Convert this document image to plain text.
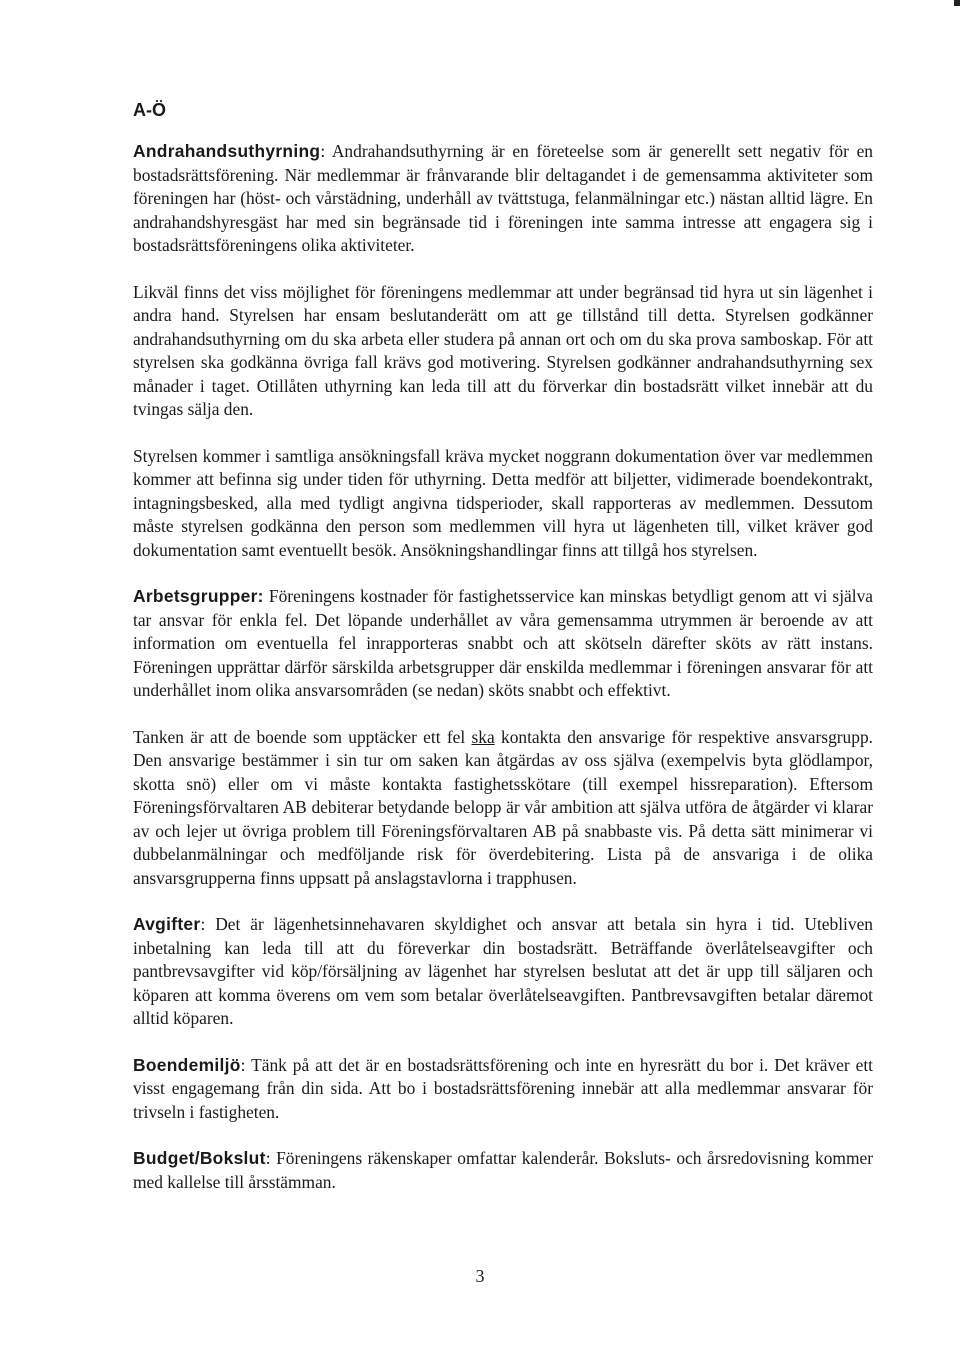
A-Ö

Andrahandsuthyrning: Andrahandsuthyrning är en företeelse som är generellt sett negativ för en bostadsrättsförening. När medlemmar är frånvarande blir deltagandet i de gemensamma aktiviteter som föreningen har (höst- och vårstädning, underhåll av tvättstuga, felanmälningar etc.) nästan alltid lägre. En andrahandshyresgäst har med sin begränsade tid i föreningen inte samma intresse att engagera sig i bostadsrättsföreningens olika aktiviteter.

Likväl finns det viss möjlighet för föreningens medlemmar att under begränsad tid hyra ut sin lägenhet i andra hand. Styrelsen har ensam beslutanderätt om att ge tillstånd till detta. Styrelsen godkänner andrahandsuthyrning om du ska arbeta eller studera på annan ort och om du ska prova samboskap. För att styrelsen ska godkänna övriga fall krävs god motivering. Styrelsen godkänner andrahandsuthyrning sex månader i taget. Otillåten uthyrning kan leda till att du förverkar din bostadsrätt vilket innebär att du tvingas sälja den.

Styrelsen kommer i samtliga ansökningsfall kräva mycket noggrann dokumentation över var medlemmen kommer att befinna sig under tiden för uthyrning. Detta medför att biljetter, vidimerade boendekontrakt, intagningsbesked, alla med tydligt angivna tidsperioder, skall rapporteras av medlemmen. Dessutom måste styrelsen godkänna den person som medlemmen vill hyra ut lägenheten till, vilket kräver god dokumentation samt eventuellt besök. Ansökningshandlingar finns att tillgå hos styrelsen.

Arbetsgrupper: Föreningens kostnader för fastighetsservice kan minskas betydligt genom att vi själva tar ansvar för enkla fel. Det löpande underhållet av våra gemensamma utrymmen är beroende av att information om eventuella fel inrapporteras snabbt och att skötseln därefter sköts av rätt instans. Föreningen upprättar därför särskilda arbetsgrupper där enskilda medlemmar i föreningen ansvarar för att underhållet inom olika ansvarsområden (se nedan) sköts snabbt och effektivt.

Tanken är att de boende som upptäcker ett fel ska kontakta den ansvarige för respektive ansvarsgrupp. Den ansvarige bestämmer i sin tur om saken kan åtgärdas av oss själva (exempelvis byta glödlampor, skotta snö) eller om vi måste kontakta fastighetsskötare (till exempel hissreparation). Eftersom Föreningsförvaltaren AB debiterar betydande belopp är vår ambition att själva utföra de åtgärder vi klarar av och lejer ut övriga problem till Föreningsförvaltaren AB på snabbaste vis. På detta sätt minimerar vi dubbelanmälningar och medföljande risk för överdebitering. Lista på de ansvariga i de olika ansvarsgrupperna finns uppsatt på anslagstavlorna i trapphusen.

Avgifter: Det är lägenhetsinnehavaren skyldighet och ansvar att betala sin hyra i tid. Utebliven inbetalning kan leda till att du föreverkar din bostadsrätt. Beträffande överlåtelseavgifter och pantbrevsavgifter vid köp/försäljning av lägenhet har styrelsen beslutat att det är upp till säljaren och köparen att komma överens om vem som betalar överlåtelseavgiften. Pantbrevsavgiften betalar däremot alltid köparen.

Boendemiljö: Tänk på att det är en bostadsrättsförening och inte en hyresrätt du bor i. Det kräver ett visst engagemang från din sida. Att bo i bostadsrättsförening innebär att alla medlemmar ansvarar för trivseln i fastigheten.

Budget/Bokslut: Föreningens räkenskaper omfattar kalenderår. Boksluts- och årsredovisning kommer med kallelse till årsstämman.

3
